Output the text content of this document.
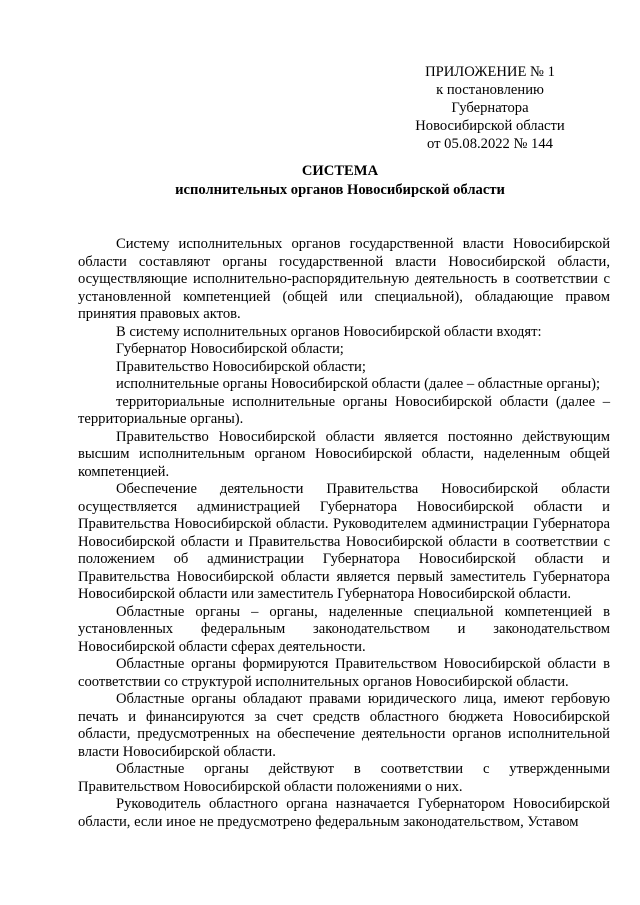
ПРИЛОЖЕНИЕ № 1
к постановлению Губернатора
Новосибирской области
от 05.08.2022 № 144
СИСТЕМА
исполнительных органов Новосибирской области

Систему исполнительных органов государственной власти Новосибирской области составляют органы государственной власти Новосибирской области, осуществляющие исполнительно-распорядительную деятельность в соответствии с установленной компетенцией (общей или специальной), обладающие правом принятия правовых актов.

В систему исполнительных органов Новосибирской области входят:

Губернатор Новосибирской области;

Правительство Новосибирской области;

исполнительные органы Новосибирской области (далее – областные органы);

территориальные исполнительные органы Новосибирской области (далее – территориальные органы).

Правительство Новосибирской области является постоянно действующим высшим исполнительным органом Новосибирской области, наделенным общей компетенцией.

Обеспечение деятельности Правительства Новосибирской области осуществляется администрацией Губернатора Новосибирской области и Правительства Новосибирской области. Руководителем администрации Губернатора Новосибирской области и Правительства Новосибирской области в соответствии с положением об администрации Губернатора Новосибирской области и Правительства Новосибирской области является первый заместитель Губернатора Новосибирской области или заместитель Губернатора Новосибирской области.

Областные органы – органы, наделенные специальной компетенцией в установленных федеральным законодательством и законодательством Новосибирской области сферах деятельности.

Областные органы формируются Правительством Новосибирской области в соответствии со структурой исполнительных органов Новосибирской области.

Областные органы обладают правами юридического лица, имеют гербовую печать и финансируются за счет средств областного бюджета Новосибирской области, предусмотренных на обеспечение деятельности органов исполнительной власти Новосибирской области.

Областные органы действуют в соответствии с утвержденными Правительством Новосибирской области положениями о них.

Руководитель областного органа назначается Губернатором Новосибирской области, если иное не предусмотрено федеральным законодательством, Уставом
